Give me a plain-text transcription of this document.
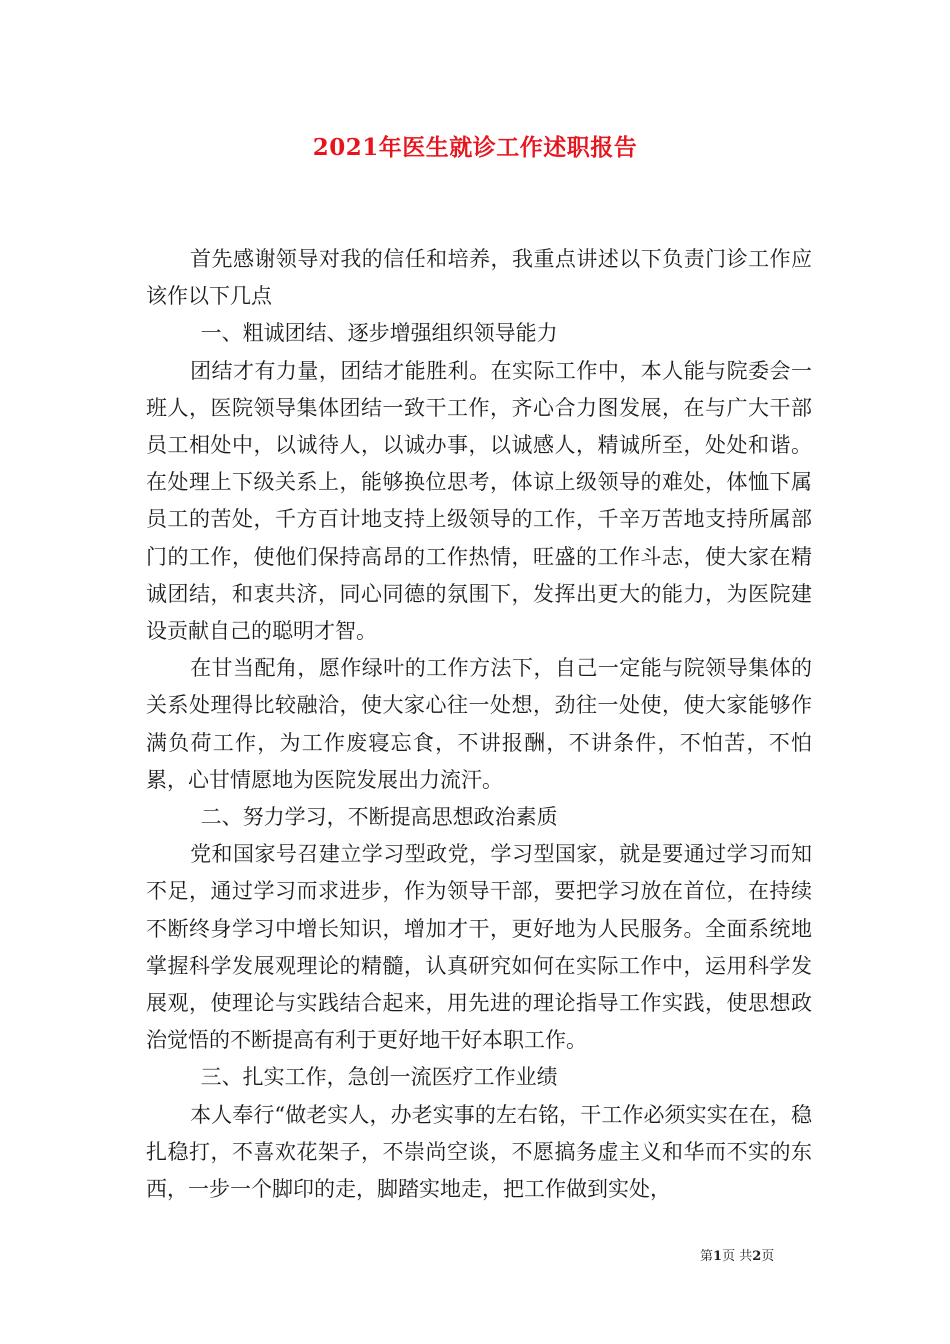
2021年医生就诊工作述职报告

首先感谢领导对我的信任和培养，我重点讲述以下负责门诊工作应该作以下几点

一、粗诚团结、逐步增强组织领导能力

团结才有力量，团结才能胜利。在实际工作中，本人能与院委会一班人，医院领导集体团结一致干工作，齐心合力图发展，在与广大干部员工相处中，以诚待人，以诚办事，以诚感人，精诚所至，处处和谐。在处理上下级关系上，能够换位思考，体谅上级领导的难处，体恤下属员工的苦处，千方百计地支持上级领导的工作，千辛万苦地支持所属部门的工作，使他们保持高昂的工作热情，旺盛的工作斗志，使大家在精诚团结，和衷共济，同心同德的氛围下，发挥出更大的能力，为医院建设贡献自己的聪明才智。

在甘当配角，愿作绿叶的工作方法下，自己一定能与院领导集体的关系处理得比较融洽，使大家心往一处想，劲往一处使，使大家能够作满负荷工作，为工作废寝忘食，不讲报酬，不讲条件，不怕苦，不怕累，心甘情愿地为医院发展出力流汗。

二、努力学习，不断提高思想政治素质

党和国家号召建立学习型政党，学习型国家，就是要通过学习而知不足，通过学习而求进步，作为领导干部，要把学习放在首位，在持续不断终身学习中增长知识，增加才干，更好地为人民服务。全面系统地掌握科学发展观理论的精髓，认真研究如何在实际工作中，运用科学发展观，使理论与实践结合起来，用先进的理论指导工作实践，使思想政治觉悟的不断提高有利于更好地干好本职工作。

三、扎实工作，急创一流医疗工作业绩

本人奉行“做老实人，办老实事的左右铭，干工作必须实实在在，稳扎稳打，不喜欢花架子，不崇尚空谈，不愿搞务虚主义和华而不实的东西，一步一个脚印的走，脚踏实地走，把工作做到实处，

第1页 共2页
